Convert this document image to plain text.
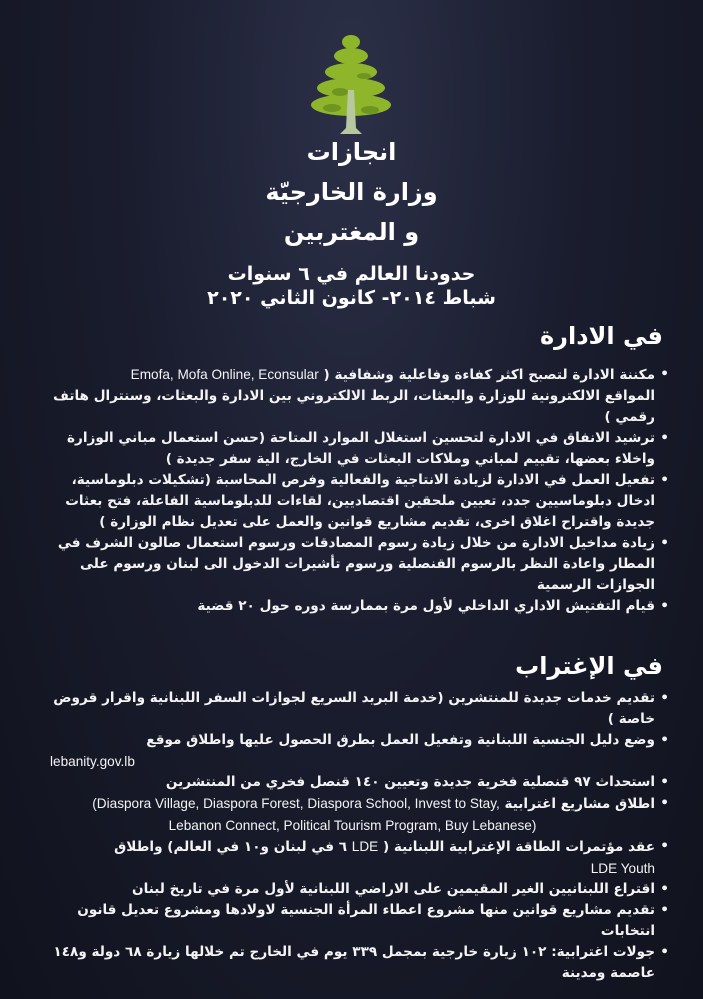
انجازات
وزارة الخارجيّة
و المغتربين
حدودنا العالم في ٦ سنوات
شباط ٢٠١٤- كانون الثاني ٢٠٢٠
في الادارة
• مكننة الادارة لتصبح اكثر كفاءة وفاعلية وشفافية ( Emofa, Mofa Online, Econsular
المواقع الالكترونية للوزارة والبعثات، الربط الالكتروني بين الادارة والبعثات، وسنترال هاتف رقمي )
• ترشيد الانفاق في الادارة لتحسين استغلال الموارد المتاحة (حسن استعمال مباني الوزارة واخلاء بعضها، تقييم لمباني وملاكات البعثات في الخارج، الية سفر جديدة )
• تفعيل العمل في الادارة لزيادة الانتاجية والفعالية وفرص المحاسبة (تشكيلات دبلوماسية، ادخال دبلوماسيين جدد، تعيين ملحقين اقتصاديين، لقاءات للدبلوماسية الفاعلة، فتح بعثات جديدة واقتراح اغلاق اخرى، تقديم مشاريع قوانين والعمل على تعديل نظام الوزارة )
• زيادة مداخيل الادارة من خلال زيادة رسوم المصادقات ورسوم استعمال صالون الشرف في المطار واعادة النظر بالرسوم القنصلية ورسوم تأشيرات الدخول الى لبنان ورسوم على الجوازات الرسمية
• قيام التفتيش الاداري الداخلي لأول مرة بممارسة دوره حول ٢٠ قضية
في الإغتراب
• تقديم خدمات جديدة للمنتشرين (خدمة البريد السريع لجوازات السفر اللبنانية واقرار قروض خاصة )
• وضع دليل الجنسية اللبنانية وتفعيل العمل بطرق الحصول عليها واطلاق موقع
lebanity.gov.lb
• استحداث ٩٧ قنصلية فخرية جديدة وتعيين ١٤٠ قنصل فخري من المنتشرين
• اطلاق مشاريع اغترابية (Diaspora Village, Diaspora Forest, Diaspora School, Invest to Stay,
Lebanon Connect, Political Tourism Program, Buy Lebanese)
• عقد مؤتمرات الطاقة الإغترابية اللبنانية ( LDE ٦ في لبنان و١٠ في العالم) واطلاق
LDE Youth
• اقتراع اللبنانيين الغير المقيمين على الاراضي اللبنانية لأول مرة في تاريخ لبنان
• تقديم مشاريع قوانين منها مشروع اعطاء المرأة الجنسية لاولادها ومشروع تعديل قانون انتخابات
• جولات اغترابية: ١٠٢ زيارة خارجية بمجمل ٣٣٩ يوم في الخارج تم خلالها زيارة ٦٨ دولة و١٤٨ عاصمة ومدينة
